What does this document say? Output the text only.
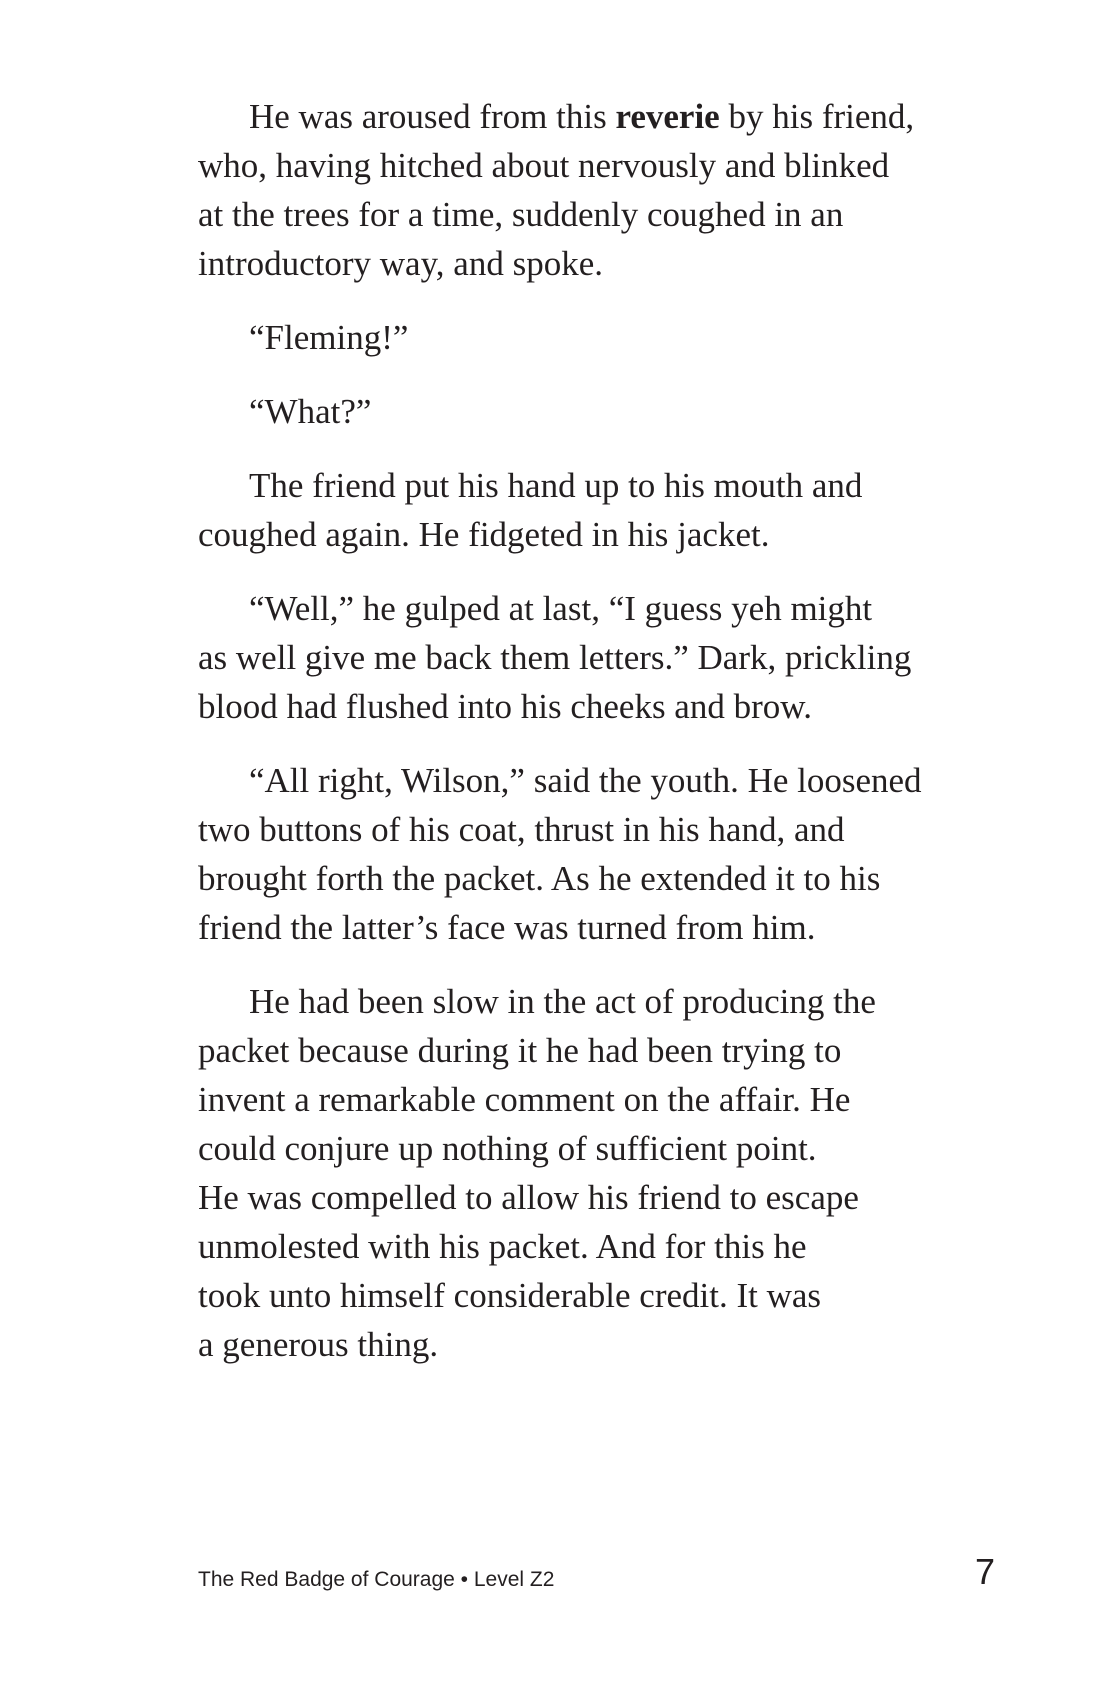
He was aroused from this reverie by his friend,
who, having hitched about nervously and blinked
at the trees for a time, suddenly coughed in an
introductory way, and spoke.

“Fleming!”

“What?”

The friend put his hand up to his mouth and
coughed again. He fidgeted in his jacket.

“Well,” he gulped at last, “I guess yeh might
as well give me back them letters.” Dark, prickling
blood had flushed into his cheeks and brow.

“All right, Wilson,” said the youth. He loosened
two buttons of his coat, thrust in his hand, and
brought forth the packet. As he extended it to his
friend the latter’s face was turned from him.

He had been slow in the act of producing the
packet because during it he had been trying to
invent a remarkable comment on the affair. He
could conjure up nothing of sufficient point.
He was compelled to allow his friend to escape
unmolested with his packet. And for this he
took unto himself considerable credit. It was
a generous thing.

The Red Badge of Courage • Level Z2	7
